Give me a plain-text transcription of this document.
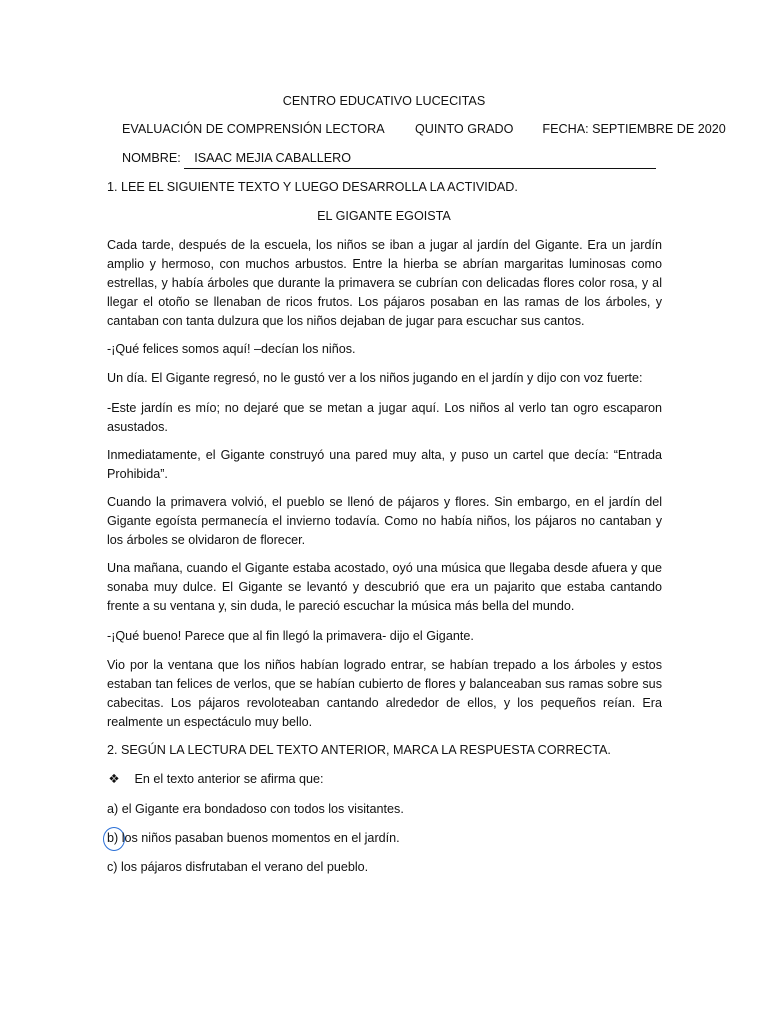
CENTRO EDUCATIVO LUCECITAS
EVALUACIÓN DE COMPRENSIÓN LECTORA QUINTO GRADO FECHA: SEPTIEMBRE DE 2020
NOMBRE: ISAAC MEJIA CABALLERO
1. LEE EL SIGUIENTE TEXTO Y LUEGO DESARROLLA LA ACTIVIDAD.
EL GIGANTE EGOISTA
Cada tarde, después de la escuela, los niños se iban a jugar al jardín del Gigante. Era un jardín amplio y hermoso, con muchos arbustos. Entre la hierba se abrían margaritas luminosas como estrellas, y había árboles que durante la primavera se cubrían con delicadas flores color rosa, y al llegar el otoño se llenaban de ricos frutos. Los pájaros posaban en las ramas de los árboles, y cantaban con tanta dulzura que los niños dejaban de jugar para escuchar sus cantos.
-¡Qué felices somos aquí! –decían los niños.
Un día. El Gigante regresó, no le gustó ver a los niños jugando en el jardín y dijo con voz fuerte:
-Este jardín es mío; no dejaré que se metan a jugar aquí. Los niños al verlo tan ogro escaparon asustados.
Inmediatamente, el Gigante construyó una pared muy alta, y puso un cartel que decía: “Entrada Prohibida”.
Cuando la primavera volvió, el pueblo se llenó de pájaros y flores. Sin embargo, en el jardín del Gigante egoísta permanecía el invierno todavía. Como no había niños, los pájaros no cantaban y los árboles se olvidaron de florecer.
Una mañana, cuando el Gigante estaba acostado, oyó una música que llegaba desde afuera y que sonaba muy dulce. El Gigante se levantó y descubrió que era un pajarito que estaba cantando frente a su ventana y, sin duda, le pareció escuchar la música más bella del mundo.
-¡Qué bueno! Parece que al fin llegó la primavera- dijo el Gigante.
Vio por la ventana que los niños habían logrado entrar, se habían trepado a los árboles y estos estaban tan felices de verlos, que se habían cubierto de flores y balanceaban sus ramas sobre sus cabecitas. Los pájaros revoloteaban cantando alrededor de ellos, y los pequeños reían. Era realmente un espectáculo muy bello.
2. SEGÚN LA LECTURA DEL TEXTO ANTERIOR, MARCA LA RESPUESTA CORRECTA.
❖ En el texto anterior se afirma que:
a) el Gigante era bondadoso con todos los visitantes.
b) los niños pasaban buenos momentos en el jardín.
c) los pájaros disfrutaban el verano del pueblo.
